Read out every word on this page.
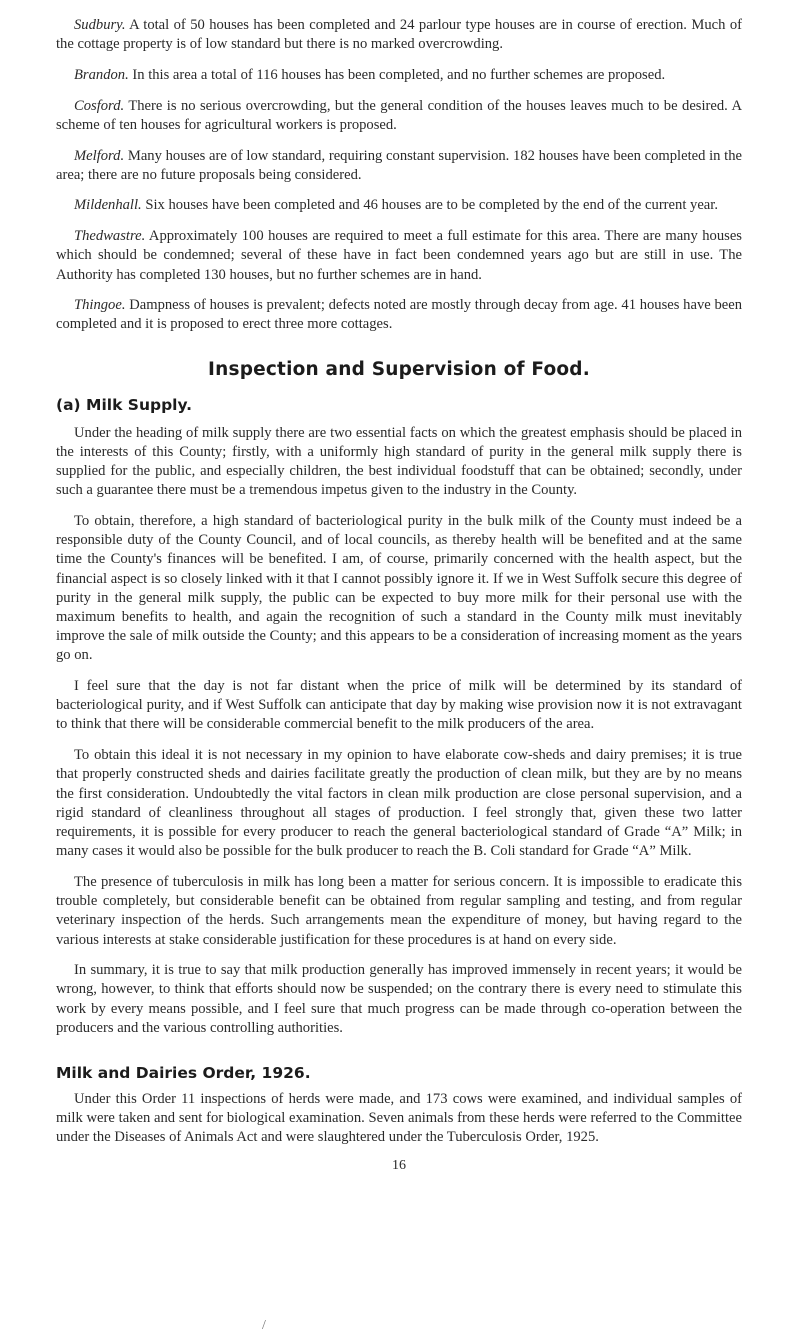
Sudbury. A total of 50 houses has been completed and 24 parlour type houses are in course of erection. Much of the cottage property is of low standard but there is no marked overcrowding.

Brandon. In this area a total of 116 houses has been completed, and no further schemes are proposed.

Cosford. There is no serious overcrowding, but the general condition of the houses leaves much to be desired. A scheme of ten houses for agricultural workers is proposed.

Melford. Many houses are of low standard, requiring constant supervision. 182 houses have been completed in the area; there are no future proposals being considered.

Mildenhall. Six houses have been completed and 46 houses are to be completed by the end of the current year.

Thedwastre. Approximately 100 houses are required to meet a full estimate for this area. There are many houses which should be condemned; several of these have in fact been condemned years ago but are still in use. The Authority has completed 130 houses, but no further schemes are in hand.

Thingoe. Dampness of houses is prevalent; defects noted are mostly through decay from age. 41 houses have been completed and it is proposed to erect three more cottages.

Inspection and Supervision of Food.
(a) Milk Supply.

Under the heading of milk supply there are two essential facts on which the greatest emphasis should be placed in the interests of this County; firstly, with a uniformly high standard of purity in the general milk supply there is supplied for the public, and especially children, the best individual foodstuff that can be obtained; secondly, under such a guarantee there must be a tremendous impetus given to the industry in the County.

To obtain, therefore, a high standard of bacteriological purity in the bulk milk of the County must indeed be a responsible duty of the County Council, and of local councils, as thereby health will be benefited and at the same time the County's finances will be benefited. I am, of course, primarily concerned with the health aspect, but the financial aspect is so closely linked with it that I cannot possibly ignore it. If we in West Suffolk secure this degree of purity in the general milk supply, the public can be expected to buy more milk for their personal use with the maximum benefits to health, and again the recognition of such a standard in the County milk must inevitably improve the sale of milk outside the County; and this appears to be a consideration of increasing moment as the years go on.

I feel sure that the day is not far distant when the price of milk will be determined by its standard of bacteriological purity, and if West Suffolk can anticipate that day by making wise provision now it is not extravagant to think that there will be considerable commercial benefit to the milk producers of the area.

To obtain this ideal it is not necessary in my opinion to have elaborate cow-sheds and dairy premises; it is true that properly constructed sheds and dairies facilitate greatly the production of clean milk, but they are by no means the first consideration. Undoubtedly the vital factors in clean milk production are close personal supervision, and a rigid standard of cleanliness throughout all stages of production. I feel strongly that, given these two latter requirements, it is possible for every producer to reach the general bacteriological standard of Grade “A” Milk; in many cases it would also be possible for the bulk producer to reach the B. Coli standard for Grade “A” Milk.

The presence of tuberculosis in milk has long been a matter for serious concern. It is impossible to eradicate this trouble completely, but considerable benefit can be obtained from regular sampling and testing, and from regular veterinary inspection of the herds. Such arrangements mean the expenditure of money, but having regard to the various interests at stake considerable justification for these procedures is at hand on every side.

In summary, it is true to say that milk production generally has improved immensely in recent years; it would be wrong, however, to think that efforts should now be suspended; on the contrary there is every need to stimulate this work by every means possible, and I feel sure that much progress can be made through co-operation between the producers and the various controlling authorities.

Milk and Dairies Order, 1926.

Under this Order 11 inspections of herds were made, and 173 cows were examined, and individual samples of milk were taken and sent for biological examination. Seven animals from these herds were referred to the Committee under the Diseases of Animals Act and were slaughtered under the Tuberculosis Order, 1925.

16
/
